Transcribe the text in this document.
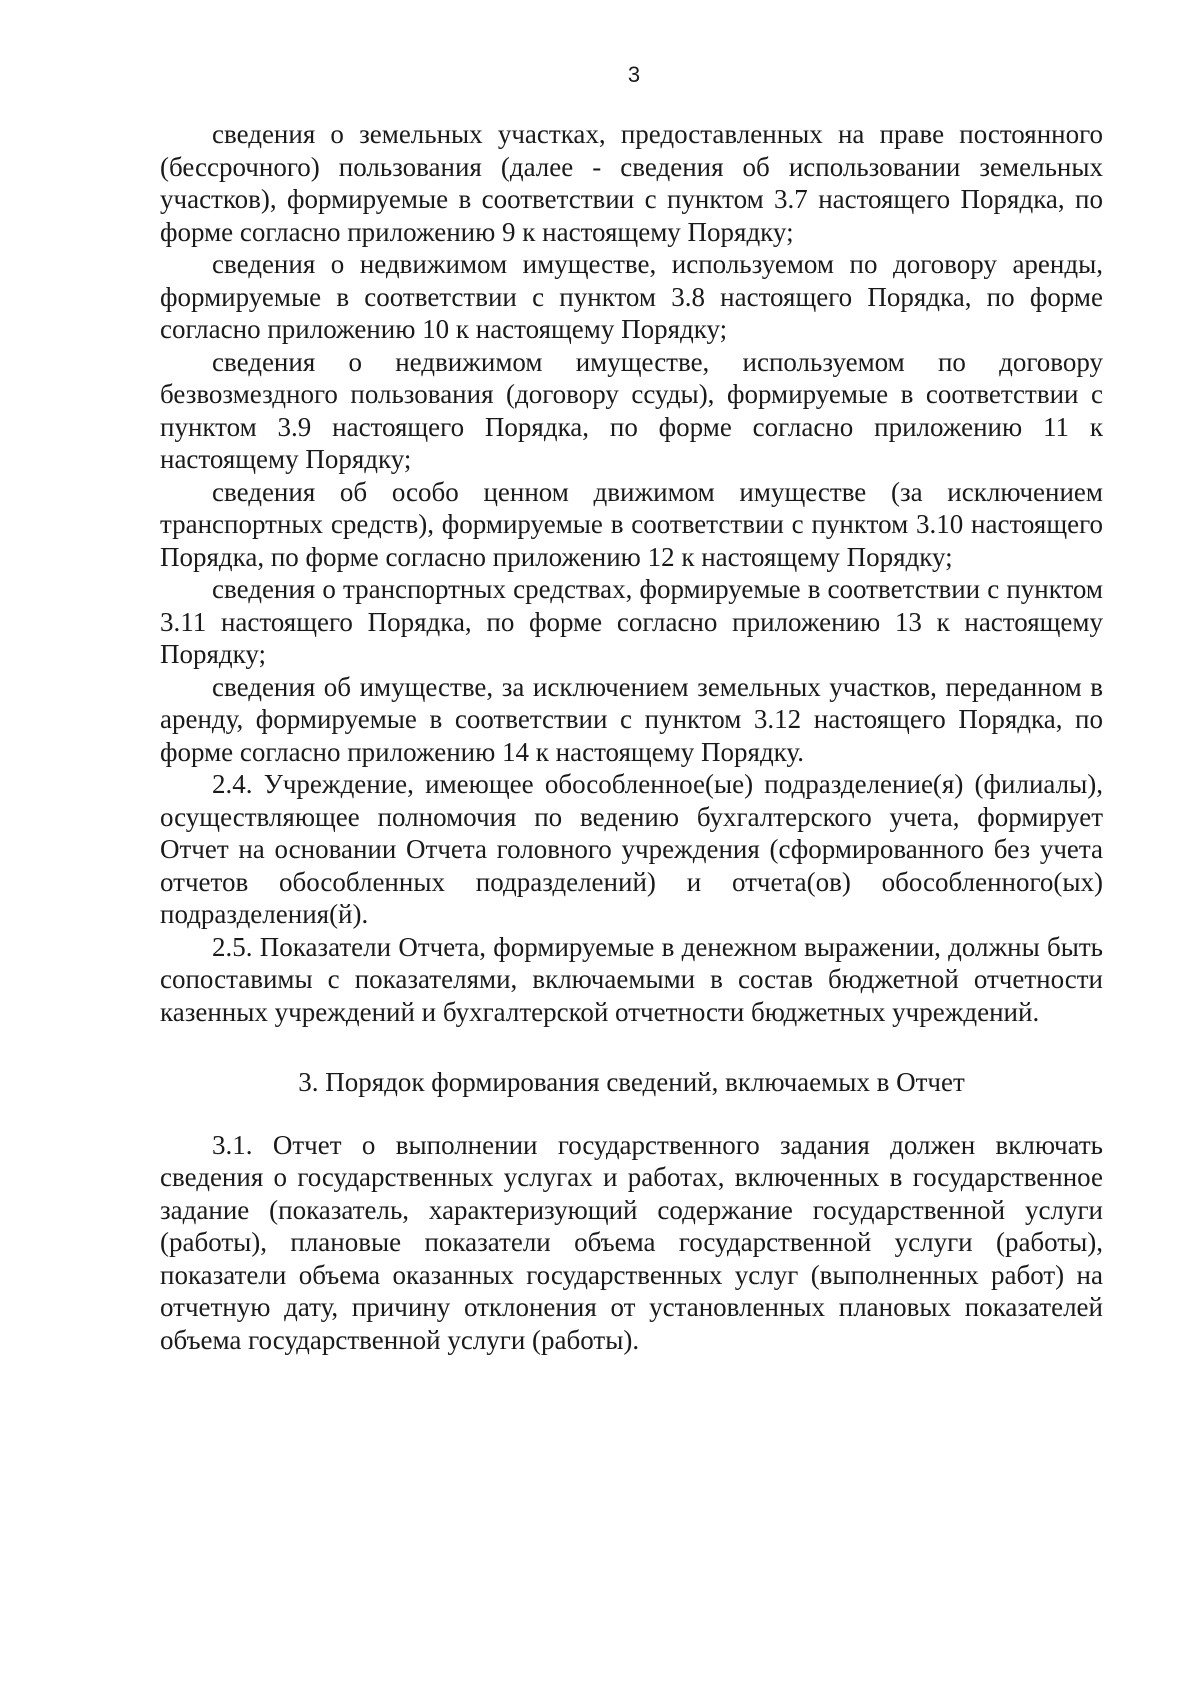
3

сведения о земельных участках, предоставленных на праве постоянного (бессрочного) пользования (далее - сведения об использовании земельных участков), формируемые в соответствии с пунктом 3.7 настоящего Порядка, по форме согласно приложению 9 к настоящему Порядку;

сведения о недвижимом имуществе, используемом по договору аренды, формируемые в соответствии с пунктом 3.8 настоящего Порядка, по форме согласно приложению 10 к настоящему Порядку;

сведения о недвижимом имуществе, используемом по договору безвозмездного пользования (договору ссуды), формируемые в соответствии с пунктом 3.9 настоящего Порядка, по форме согласно приложению 11 к настоящему Порядку;

сведения об особо ценном движимом имуществе (за исключением транспортных средств), формируемые в соответствии с пунктом 3.10 настоящего Порядка, по форме согласно приложению 12 к настоящему Порядку;

сведения о транспортных средствах, формируемые в соответствии с пунктом 3.11 настоящего Порядка, по форме согласно приложению 13 к настоящему Порядку;

сведения об имуществе, за исключением земельных участков, переданном в аренду, формируемые в соответствии с пунктом 3.12 настоящего Порядка, по форме согласно приложению 14 к настоящему Порядку.

2.4. Учреждение, имеющее обособленное(ые) подразделение(я) (филиалы), осуществляющее полномочия по ведению бухгалтерского учета, формирует Отчет на основании Отчета головного учреждения (сформированного без учета отчетов обособленных подразделений) и отчета(ов) обособленного(ых) подразделения(й).

2.5. Показатели Отчета, формируемые в денежном выражении, должны быть сопоставимы с показателями, включаемыми в состав бюджетной отчетности казенных учреждений и бухгалтерской отчетности бюджетных учреждений.

3. Порядок формирования сведений, включаемых в Отчет

3.1. Отчет о выполнении государственного задания должен включать сведения о государственных услугах и работах, включенных в государственное задание (показатель, характеризующий содержание государственной услуги (работы), плановые показатели объема государственной услуги (работы), показатели объема оказанных государственных услуг (выполненных работ) на отчетную дату, причину отклонения от установленных плановых показателей объема государственной услуги (работы).
